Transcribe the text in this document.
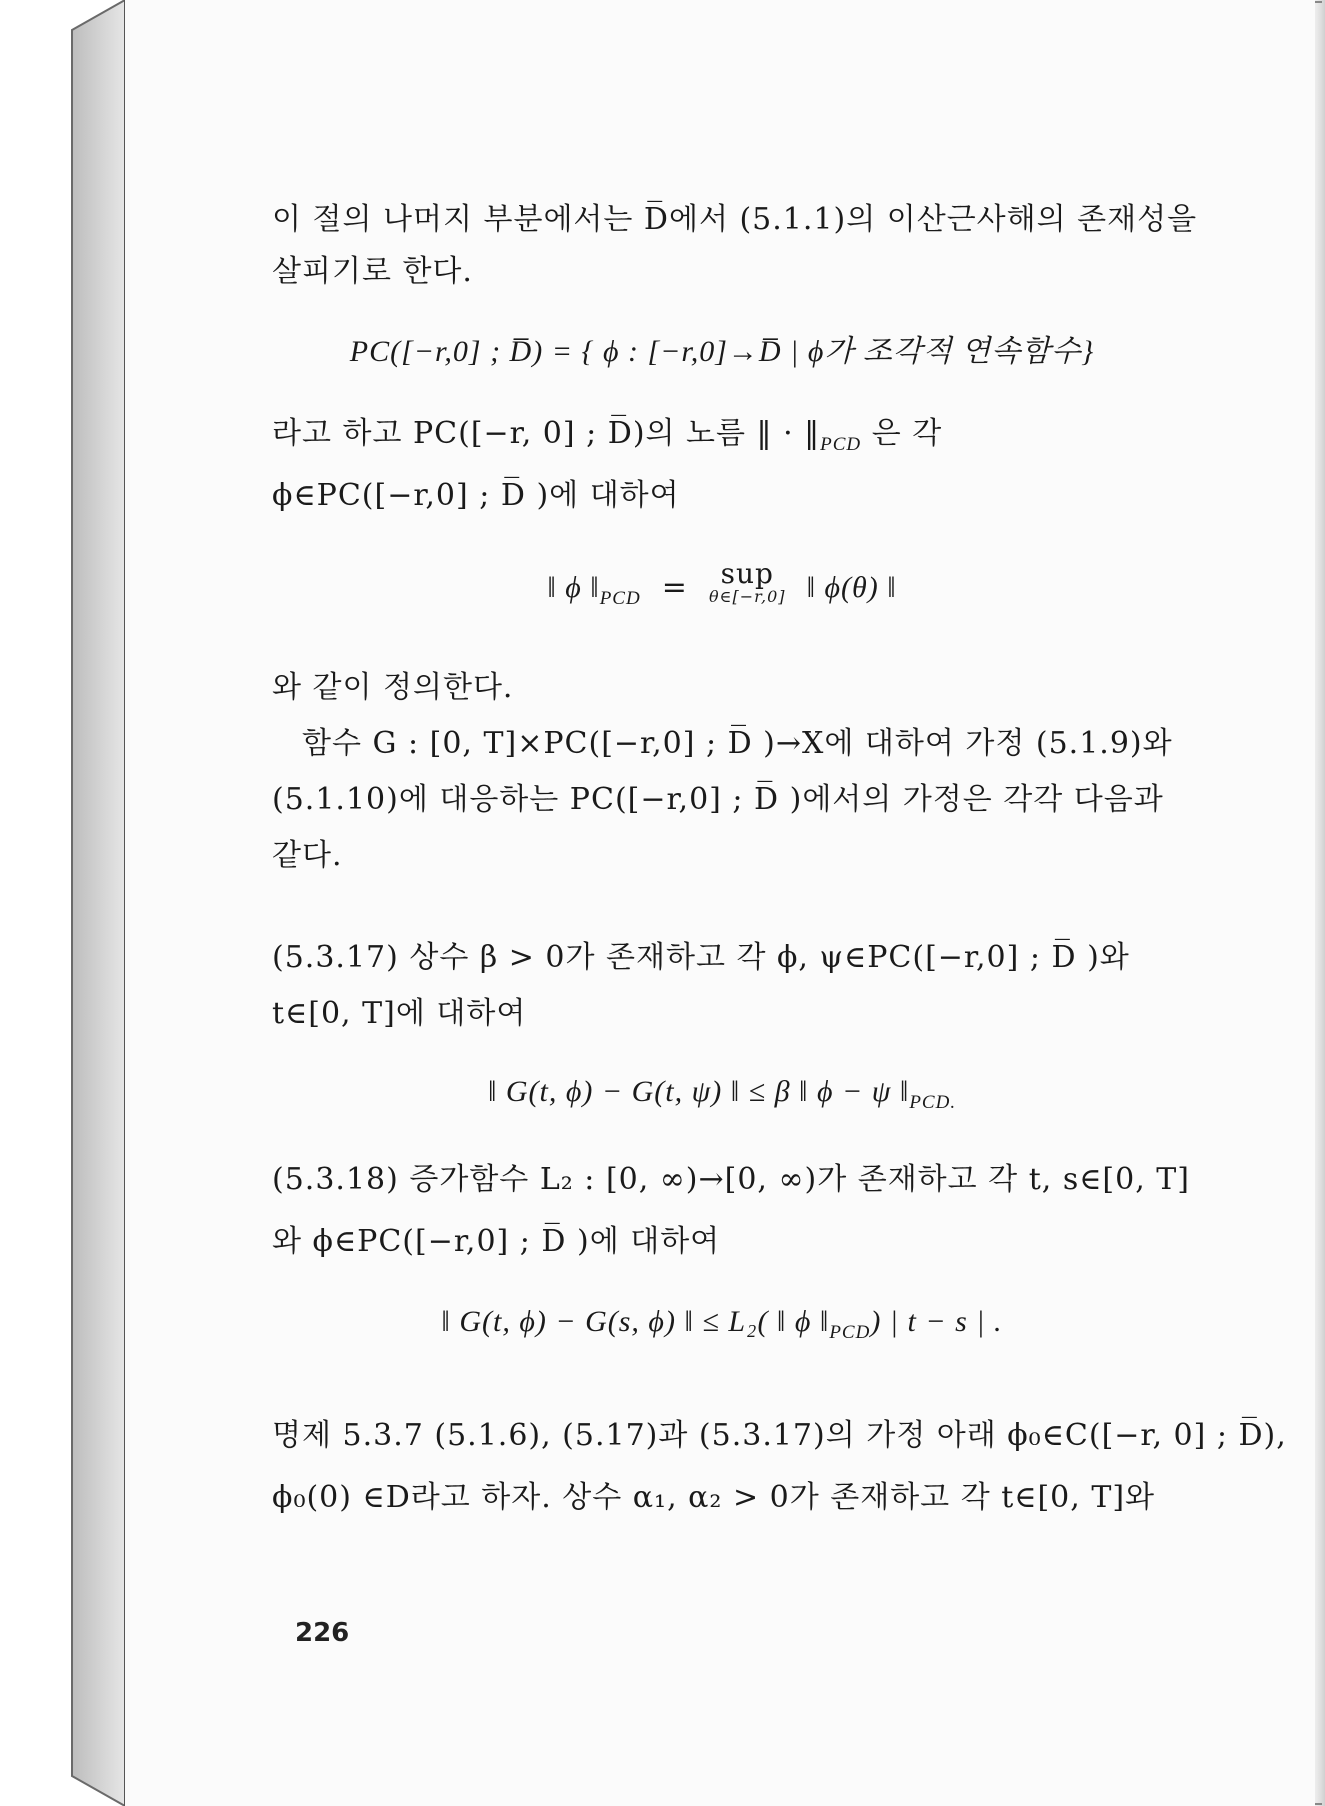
이 절의 나머지 부분에서는 D̅에서 (5.1.1)의 이산근사해의 존재성을
살피기로 한다.
PC([−r,0] ; D̅) = { ϕ : [−r,0]→D̅ | ϕ가 조각적 연속함수}
라고 하고 PC([−r, 0] ; D̅)의 노름 ‖ · $‖_{PCD}$ 은 각
ϕ∈PC([−r,0] ; D̅ )에 대하여
‖ ϕ $‖_{PCD}$ =	sup
θ∈[−r,0] ‖ ϕ(θ) ‖
와 같이 정의한다.
함수 G : [0, T]×PC([−r,0] ; D̅ )→X에 대하여 가정 (5.1.9)와
(5.1.10)에 대응하는 PC([−r,0] ; D̅ )에서의 가정은 각각 다음과
같다.
(5.3.17) 상수 β > 0가 존재하고 각 ϕ, ψ∈PC([−r,0] ; D̅ )와
t∈[0, T]에 대하여
‖ G(t, ϕ) − G(t, ψ) ‖ ≤ β ‖ ϕ − ψ $‖_{PCD.}$
(5.3.18) 증가함수 L₂ : [0, ∞)→[0, ∞)가 존재하고 각 t, s∈[0, T]
와 ϕ∈PC([−r,0] ; D̅ )에 대하여
‖ G(t, ϕ) − G(s, ϕ) ‖ ≤ L₂( ‖ ϕ $‖_{PCD}$) | t − s | .
명제 5.3.7 (5.1.6), (5.17)과 (5.3.17)의 가정 아래 ϕ₀∈C([−r, 0] ; D̅),
ϕ₀(0) ∈D라고 하자. 상수 α₁, α₂ > 0가 존재하고 각 t∈[0, T]와
226
